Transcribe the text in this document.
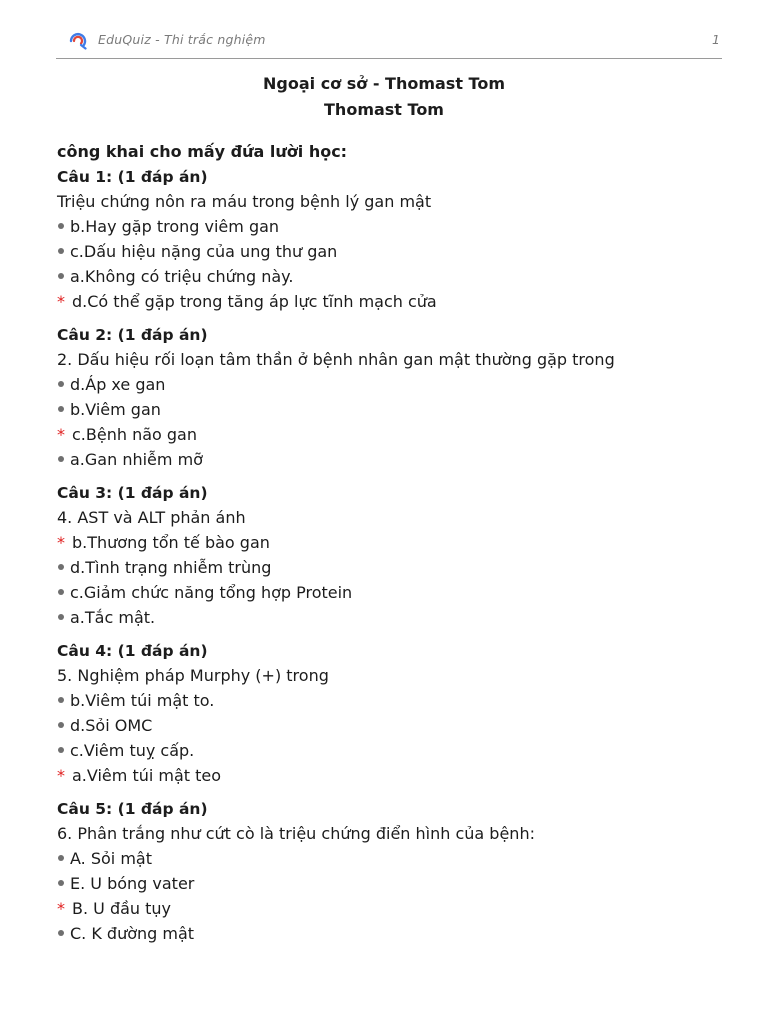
EduQuiz - Thi trắc nghiệm	1
Ngoại cơ sở - Thomast Tom
Thomast Tom
công khai cho mấy đứa lười học:
Câu 1: (1 đáp án)
Triệu chứng nôn ra máu trong bệnh lý gan mật
b.Hay gặp trong viêm gan
c.Dấu hiệu nặng của ung thư gan
a.Không có triệu chứng này.
* d.Có thể gặp trong tăng áp lực tĩnh mạch cửa
Câu 2: (1 đáp án)
2. Dấu hiệu rối loạn tâm thần ở bệnh nhân gan mật thường gặp trong
d.Áp xe gan
b.Viêm gan
* c.Bệnh não gan
a.Gan nhiễm mỡ
Câu 3: (1 đáp án)
4. AST và ALT phản ánh
* b.Thương tổn tế bào gan
d.Tình trạng nhiễm trùng
c.Giảm chức năng tổng hợp Protein
a.Tắc mật.
Câu 4: (1 đáp án)
5. Nghiệm pháp Murphy (+) trong
b.Viêm túi mật to.
d.Sỏi OMC
c.Viêm tuỵ cấp.
* a.Viêm túi mật teo
Câu 5: (1 đáp án)
6. Phân trắng như cứt cò là triệu chứng điển hình của bệnh:
A. Sỏi mật
E. U bóng vater
* B. U đầu tụy
C. K đường mật
